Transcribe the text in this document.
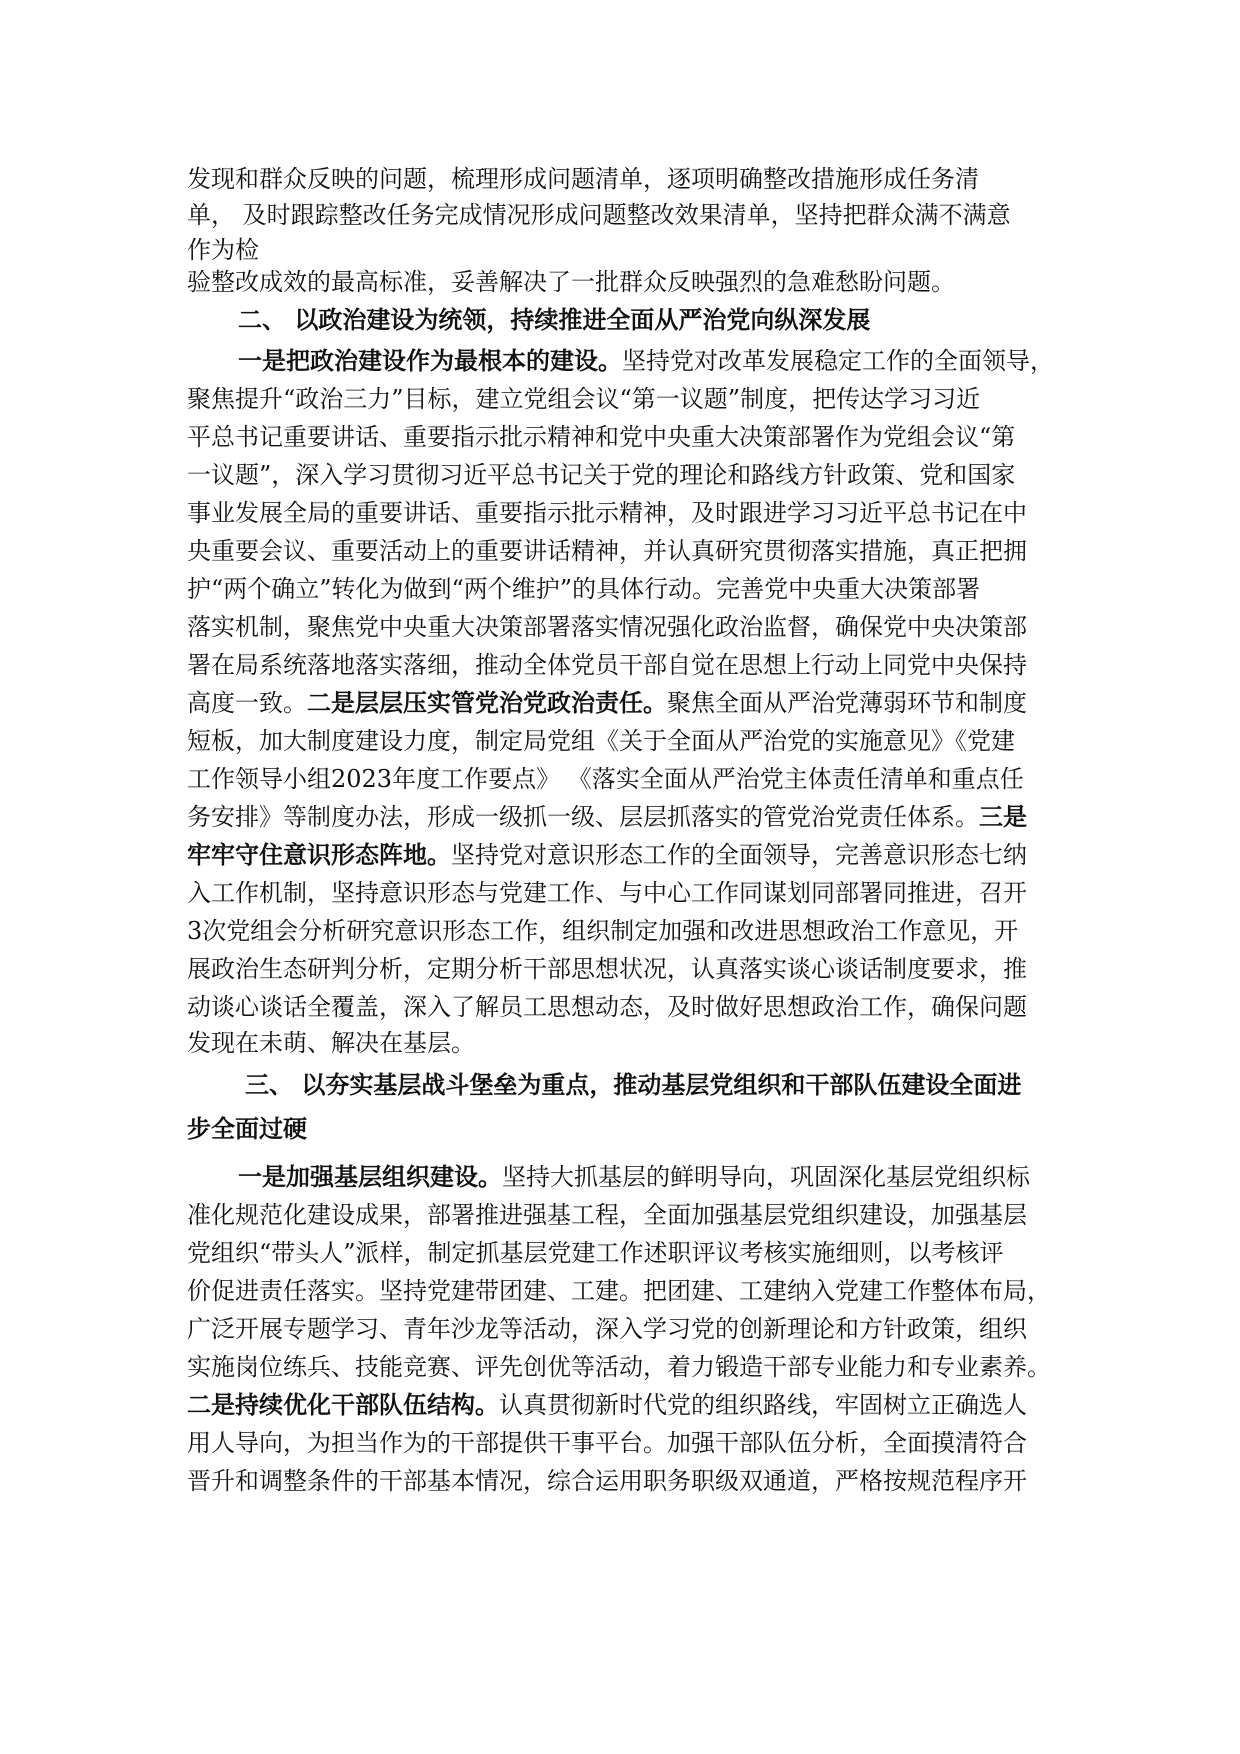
发现和群众反映的问题，梳理形成问题清单，逐项明确整改措施形成任务清

单， 及时跟踪整改任务完成情况形成问题整改效果清单，坚持把群众满不满意

作为检

验整改成效的最高标准，妥善解决了一批群众反映强烈的急难愁盼问题。

二、 以政治建设为统领，持续推进全面从严治党向纵深发展

一是把政治建设作为最根本的建设。坚持党对改革发展稳定工作的全面领导，

聚焦提升“政治三力”目标，建立党组会议“第一议题”制度，把传达学习习近

平总书记重要讲话、重要指示批示精神和党中央重大决策部署作为党组会议“第

一议题”，深入学习贯彻习近平总书记关于党的理论和路线方针政策、党和国家

事业发展全局的重要讲话、重要指示批示精神，及时跟进学习习近平总书记在中

央重要会议、重要活动上的重要讲话精神，并认真研究贯彻落实措施，真正把拥

护“两个确立”转化为做到“两个维护”的具体行动。完善党中央重大决策部署

落实机制，聚焦党中央重大决策部署落实情况强化政治监督，确保党中央决策部

署在局系统落地落实落细，推动全体党员干部自觉在思想上行动上同党中央保持

高度一致。二是层层压实管党治党政治责任。聚焦全面从严治党薄弱环节和制度

短板，加大制度建设力度，制定局党组《关于全面从严治党的实施意见》《党建

工作领导小组2023年度工作要点》 《落实全面从严治党主体责任清单和重点任

务安排》等制度办法，形成一级抓一级、层层抓落实的管党治党责任体系。三是

牢牢守住意识形态阵地。坚持党对意识形态工作的全面领导，完善意识形态七纳

入工作机制，坚持意识形态与党建工作、与中心工作同谋划同部署同推进，召开

3次党组会分析研究意识形态工作，组织制定加强和改进思想政治工作意见，开

展政治生态研判分析，定期分析干部思想状况，认真落实谈心谈话制度要求，推

动谈心谈话全覆盖，深入了解员工思想动态，及时做好思想政治工作，确保问题

发现在未萌、解决在基层。

三、 以夯实基层战斗堡垒为重点，推动基层党组织和干部队伍建设全面进

步全面过硬

一是加强基层组织建设。坚持大抓基层的鲜明导向，巩固深化基层党组织标

准化规范化建设成果，部署推进强基工程，全面加强基层党组织建设，加强基层

党组织“带头人”派样，制定抓基层党建工作述职评议考核实施细则，以考核评

价促进责任落实。坚持党建带团建、工建。把团建、工建纳入党建工作整体布局，

广泛开展专题学习、青年沙龙等活动，深入学习党的创新理论和方针政策，组织

实施岗位练兵、技能竞赛、评先创优等活动，着力锻造干部专业能力和专业素养。

二是持续优化干部队伍结构。认真贯彻新时代党的组织路线，牢固树立正确选人

用人导向，为担当作为的干部提供干事平台。加强干部队伍分析，全面摸清符合

晋升和调整条件的干部基本情况，综合运用职务职级双通道，严格按规范程序开
